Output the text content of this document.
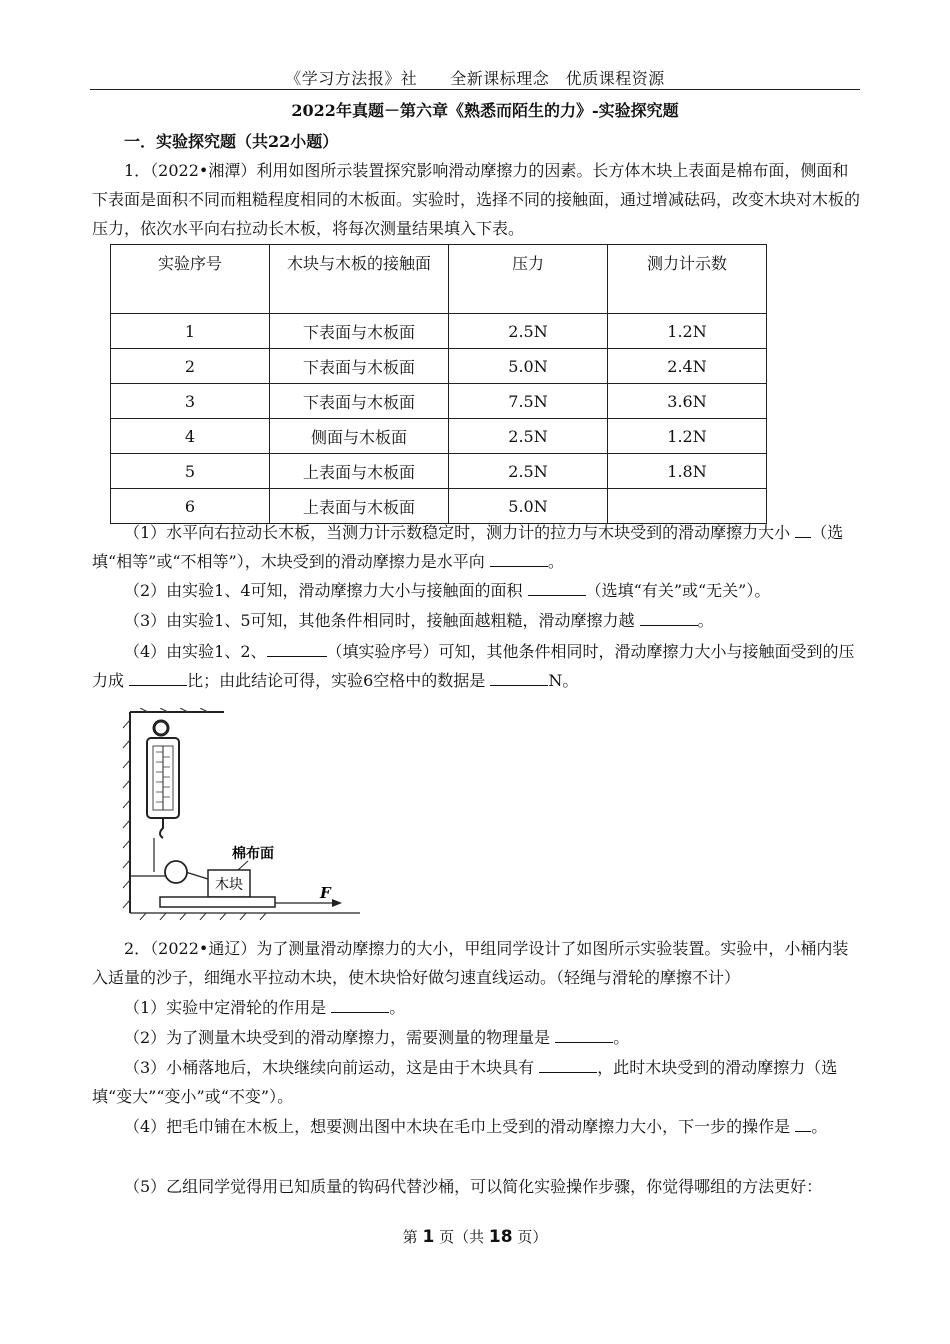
《学习方法报》社　　全新课标理念　优质课程资源
2022年真题－第六章《熟悉而陌生的力》-实验探究题
一．实验探究题（共22小题）
1．（2022•湘潭）利用如图所示装置探究影响滑动摩擦力的因素。长方体木块上表面是棉布面，侧面和下表面是面积不同而粗糙程度相同的木板面。实验时，选择不同的接触面，通过增减砝码，改变木块对木板的压力，依次水平向右拉动长木板，将每次测量结果填入下表。
实验序号	木块与木板的接触面	压力	测力计示数
1	下表面与木板面	2.5N	1.2N
2	下表面与木板面	5.0N	2.4N
3	下表面与木板面	7.5N	3.6N
4	侧面与木板面	2.5N	1.2N
5	上表面与木板面	2.5N	1.8N
6	上表面与木板面	5.0N	
（1）水平向右拉动长木板，当测力计示数稳定时，测力计的拉力与木块受到的滑动摩擦力大小 （选填“相等”或“不相等”），木块受到的滑动摩擦力是水平向	。
（2）由实验1、4可知，滑动摩擦力大小与接触面的面积	（选填“有关”或“无关”）。
（3）由实验1、5可知，其他条件相同时，接触面越粗糙，滑动摩擦力越	。
（4）由实验1、2、	（填实验序号）可知，其他条件相同时，滑动摩擦力大小与接触面受到的压力成	比；由此结论可得，实验6空格中的数据是	N。
木块
棉布面
F
2．（2022•通辽）为了测量滑动摩擦力的大小，甲组同学设计了如图所示实验装置。实验中，小桶内装入适量的沙子，细绳水平拉动木块，使木块恰好做匀速直线运动。（轻绳与滑轮的摩擦不计）
（1）实验中定滑轮的作用是	。
（2）为了测量木块受到的滑动摩擦力，需要测量的物理量是	。
（3）小桶落地后，木块继续向前运动，这是由于木块具有	，此时木块受到的滑动摩擦力（选填“变大”“变小”或“不变”）。
（4）把毛巾铺在木板上，想要测出图中木块在毛巾上受到的滑动摩擦力大小，下一步的操作是 。
（5）乙组同学觉得用已知质量的钩码代替沙桶，可以简化实验操作步骤，你觉得哪组的方法更好：
第 1 页（共 18 页）
